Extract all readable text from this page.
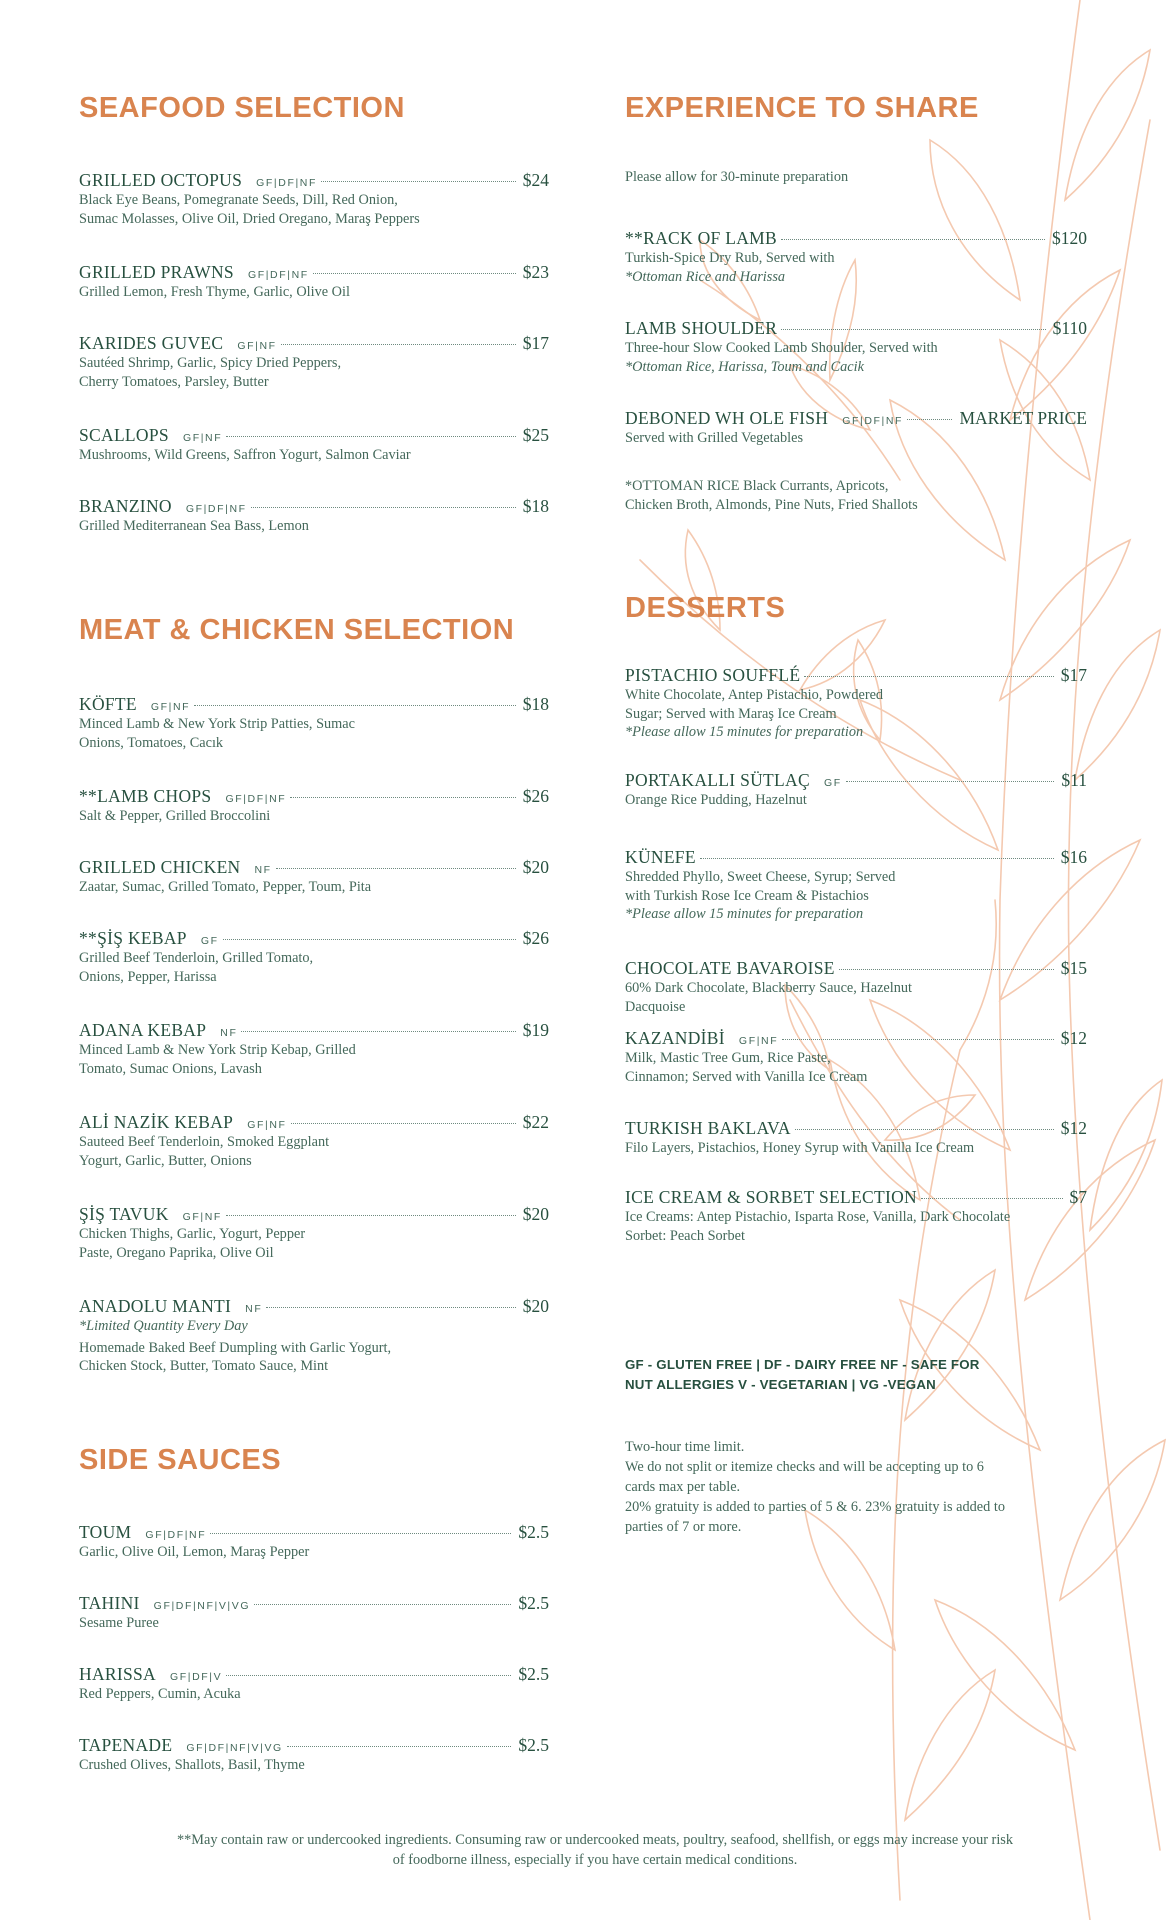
SEAFOOD SELECTION
GRILLED OCTOPUS GF|DF|NF	$24
Black Eye Beans, Pomegranate Seeds, Dill, Red Onion,
Sumac Molasses, Olive Oil, Dried Oregano, Maraş Peppers
GRILLED PRAWNS GF|DF|NF	$23
Grilled Lemon, Fresh Thyme, Garlic, Olive Oil
KARIDES GUVEC GF|NF	$17
Sautéed Shrimp, Garlic, Spicy Dried Peppers,
Cherry Tomatoes, Parsley, Butter
SCALLOPS GF|NF	$25
Mushrooms, Wild Greens, Saffron Yogurt, Salmon Caviar
BRANZINO GF|DF|NF	$18
Grilled Mediterranean Sea Bass, Lemon
MEAT & CHICKEN SELECTION
KÖFTE GF|NF	$18
Minced Lamb & New York Strip Patties, Sumac
Onions, Tomatoes, Cacık
**LAMB CHOPS GF|DF|NF	$26
Salt & Pepper, Grilled Broccolini
GRILLED CHICKEN NF	$20
Zaatar, Sumac, Grilled Tomato, Pepper, Toum, Pita
**ŞİŞ KEBAP GF	$26
Grilled Beef Tenderloin, Grilled Tomato,
Onions, Pepper, Harissa
ADANA KEBAP NF	$19
Minced Lamb & New York Strip Kebap, Grilled
Tomato, Sumac Onions, Lavash
ALİ NAZİK KEBAP GF|NF	$22
Sauteed Beef Tenderloin, Smoked Eggplant
Yogurt, Garlic, Butter, Onions
ŞİŞ TAVUK GF|NF	$20
Chicken Thighs, Garlic, Yogurt, Pepper
Paste, Oregano Paprika, Olive Oil
ANADOLU MANTI NF	$20
*Limited Quantity Every Day
Homemade Baked Beef Dumpling with Garlic Yogurt,
Chicken Stock, Butter, Tomato Sauce, Mint
SIDE SAUCES
TOUM GF|DF|NF	$2.5
Garlic, Olive Oil, Lemon, Maraş Pepper
TAHINI GF|DF|NF|V|VG	$2.5
Sesame Puree
HARISSA GF|DF|V	$2.5
Red Peppers, Cumin, Acuka
TAPENADE GF|DF|NF|V|VG	$2.5
Crushed Olives, Shallots, Basil, Thyme
EXPERIENCE TO SHARE
Please allow for 30-minute preparation
**RACK OF LAMB	$120
Turkish-Spice Dry Rub, Served with
*Ottoman Rice and Harissa
LAMB SHOULDER	$110
Three-hour Slow Cooked Lamb Shoulder, Served with
*Ottoman Rice, Harissa, Toum and Cacik
DEBONED WH OLE FISH GF|DF|NF	MARKET PRICE
Served with Grilled Vegetables
*OTTOMAN RICE Black Currants, Apricots,
Chicken Broth, Almonds, Pine Nuts, Fried Shallots
DESSERTS
PISTACHIO SOUFFLÉ	$17
White Chocolate, Antep Pistachio, Powdered
Sugar; Served with Maraş Ice Cream
*Please allow 15 minutes for preparation
PORTAKALLI SÜTLAÇ GF	$11
Orange Rice Pudding, Hazelnut
KÜNEFE	$16
Shredded Phyllo, Sweet Cheese, Syrup; Served
with Turkish Rose Ice Cream & Pistachios
*Please allow 15 minutes for preparation
CHOCOLATE BAVAROISE	$15
60% Dark Chocolate, Blackberry Sauce, Hazelnut
Dacquoise
KAZANDİBİ GF|NF	$12
Milk, Mastic Tree Gum, Rice Paste,
Cinnamon; Served with Vanilla Ice Cream
TURKISH BAKLAVA	$12
Filo Layers, Pistachios, Honey Syrup with Vanilla Ice Cream
ICE CREAM & SORBET SELECTION	$7
Ice Creams: Antep Pistachio, Isparta Rose, Vanilla, Dark Chocolate
Sorbet: Peach Sorbet
GF - GLUTEN FREE | DF - DAIRY FREE NF - SAFE FOR
NUT ALLERGIES V - VEGETARIAN | VG -VEGAN
Two-hour time limit.
We do not split or itemize checks and will be accepting up to 6
cards max per table.
20% gratuity is added to parties of 5 & 6. 23% gratuity is added to
parties of 7 or more.
**May contain raw or undercooked ingredients. Consuming raw or undercooked meats, poultry, seafood, shellfish, or eggs may increase your risk
of foodborne illness, especially if you have certain medical conditions.
